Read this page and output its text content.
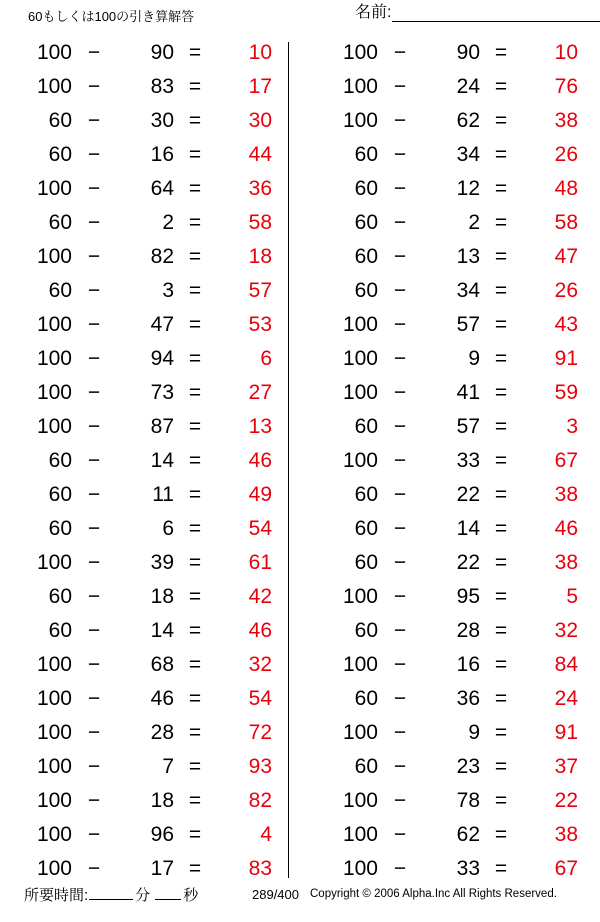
60もしくは100の引き算解答	名前:
100 −	90 =	10
100 −	83 =	17
60 −	30 =	30
60 −	16 =	44
100 −	64 =	36
60 −	2 =	58
100 −	82 =	18
60 −	3 =	57
100 −	47 =	53
100 −	94 =	6
100 −	73 =	27
100 −	87 =	13
60 −	14 =	46
60 −	11 =	49
60 −	6 =	54
100 −	39 =	61
60 −	18 =	42
60 −	14 =	46
100 −	68 =	32
100 −	46 =	54
100 −	28 =	72
100 −	7 =	93
100 −	18 =	82
100 −	96 =	4
100 −	17 =	83
100 −	90 =	10
100 −	24 =	76
100 −	62 =	38
60 −	34 =	26
60 −	12 =	48
60 −	2 =	58
60 −	13 =	47
60 −	34 =	26
100 −	57 =	43
100 −	9 =	91
100 −	41 =	59
60 −	57 =	3
100 −	33 =	67
60 −	22 =	38
60 −	14 =	46
60 −	22 =	38
100 −	95 =	5
60 −	28 =	32
100 −	16 =	84
60 −	36 =	24
100 −	9 =	91
60 −	23 =	37
100 −	78 =	22
100 −	62 =	38
100 −	33 =	67
所要時間:	分 秒	289/400 Copyright © 2006 Alpha.Inc All Rights Reserved.
